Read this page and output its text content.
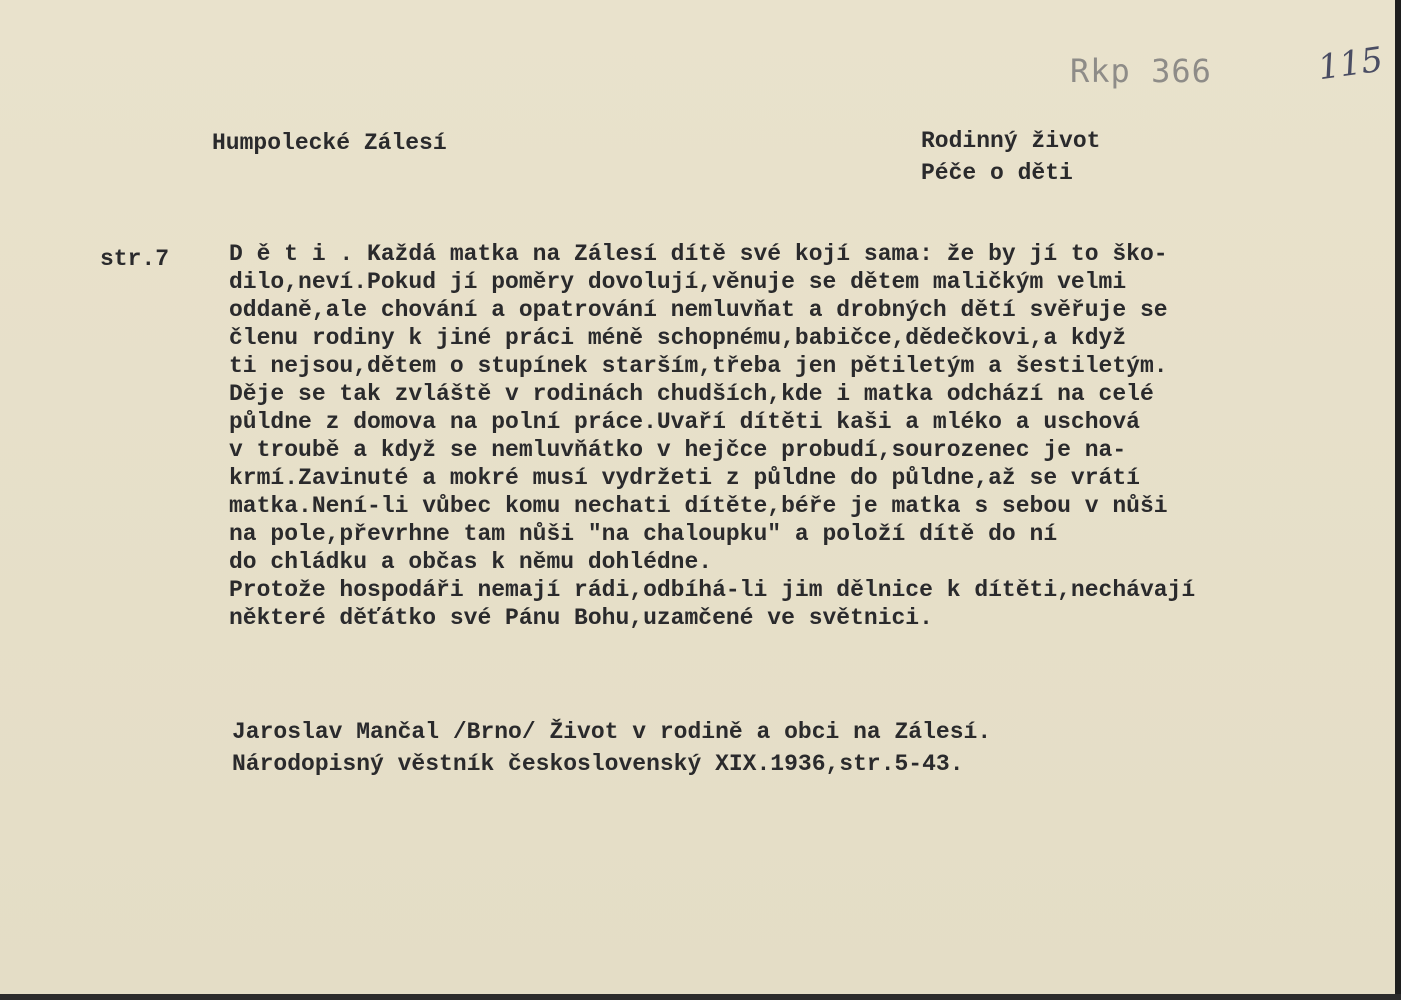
Rkp 366	115
Humpolecké Zálesí	Rodinný život
Péče o děti
str.7	D ě t i . Každá matka na Zálesí dítě své kojí sama: že by jí to ško-
dilo,neví.Pokud jí poměry dovolují,věnuje se dětem maličkým velmi
oddaně,ale chování a opatrování nemluvňat a drobných dětí svěřuje se
členu rodiny k jiné práci méně schopnému,babičce,dědečkovi,a když
ti nejsou,dětem o stupínek starším,třeba jen pětiletým a šestiletým.
Děje se tak zvláště v rodinách chudších,kde i matka odchází na celé
půldne z domova na polní práce.Uvaří dítěti kaši a mléko a uschová
v troubě a když se nemluvňátko v hejčce probudí,sourozenec je na-
krmí.Zavinuté a mokré musí vydržeti z půldne do půldne,až se vrátí
matka.Není-li vůbec komu nechati dítěte,béře je matka s sebou v nůši
na pole,převrhne tam nůši "na chaloupku" a položí dítě do ní
do chládku a občas k němu dohlédne.
Protože hospodáři nemají rádi,odbíhá-li jim dělnice k dítěti,nechávají
některé děťátko své Pánu Bohu,uzamčené ve světnici.
Jaroslav Mančal /Brno/ Život v rodině a obci na Zálesí.
Národopisný věstník československý XIX.1936,str.5-43.
